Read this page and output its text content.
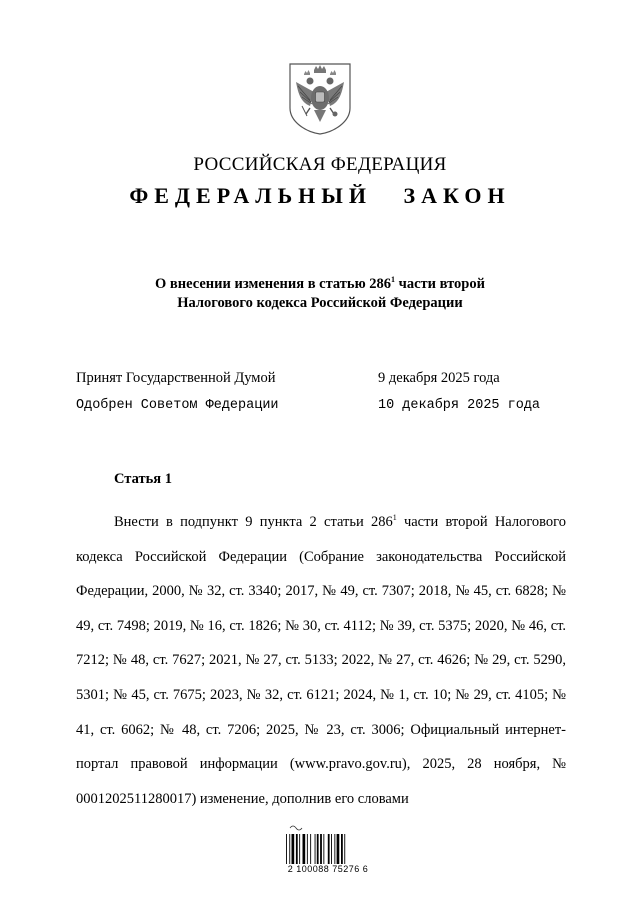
РОССИЙСКАЯ ФЕДЕРАЦИЯ
ФЕДЕРАЛЬНЫЙ ЗАКОН
О внесении изменения в статью $286^1$ части второй
Налогового кодекса Российской Федерации
Принят Государственной Думой	9 декабря 2025 года
Одобрен Советом Федерации	10 декабря 2025 года
Статья 1

Внести в подпункт 9 пункта 2 статьи $286^1$ части второй Налогового кодекса Российской Федерации (Собрание законодательства Российской Федерации, 2000, № 32, ст. 3340; 2017, № 49, ст. 7307; 2018, № 45, ст. 6828; № 49, ст. 7498; 2019, № 16, ст. 1826; № 30, ст. 4112; № 39, ст. 5375; 2020, № 46, ст. 7212; № 48, ст. 7627; 2021, № 27, ст. 5133; 2022, № 27, ст. 4626; № 29, ст. 5290, 5301; № 45, ст. 7675; 2023, № 32, ст. 6121; 2024, № 1, ст. 10; № 29, ст. 4105; № 41, ст. 6062; № 48, ст. 7206; 2025, № 23, ст. 3006; Официальный интернет-портал правовой информации (www.pravo.gov.ru), 2025, 28 ноября, № 0001202511280017) изменение, дополнив его словами

2 100088 75276 6
